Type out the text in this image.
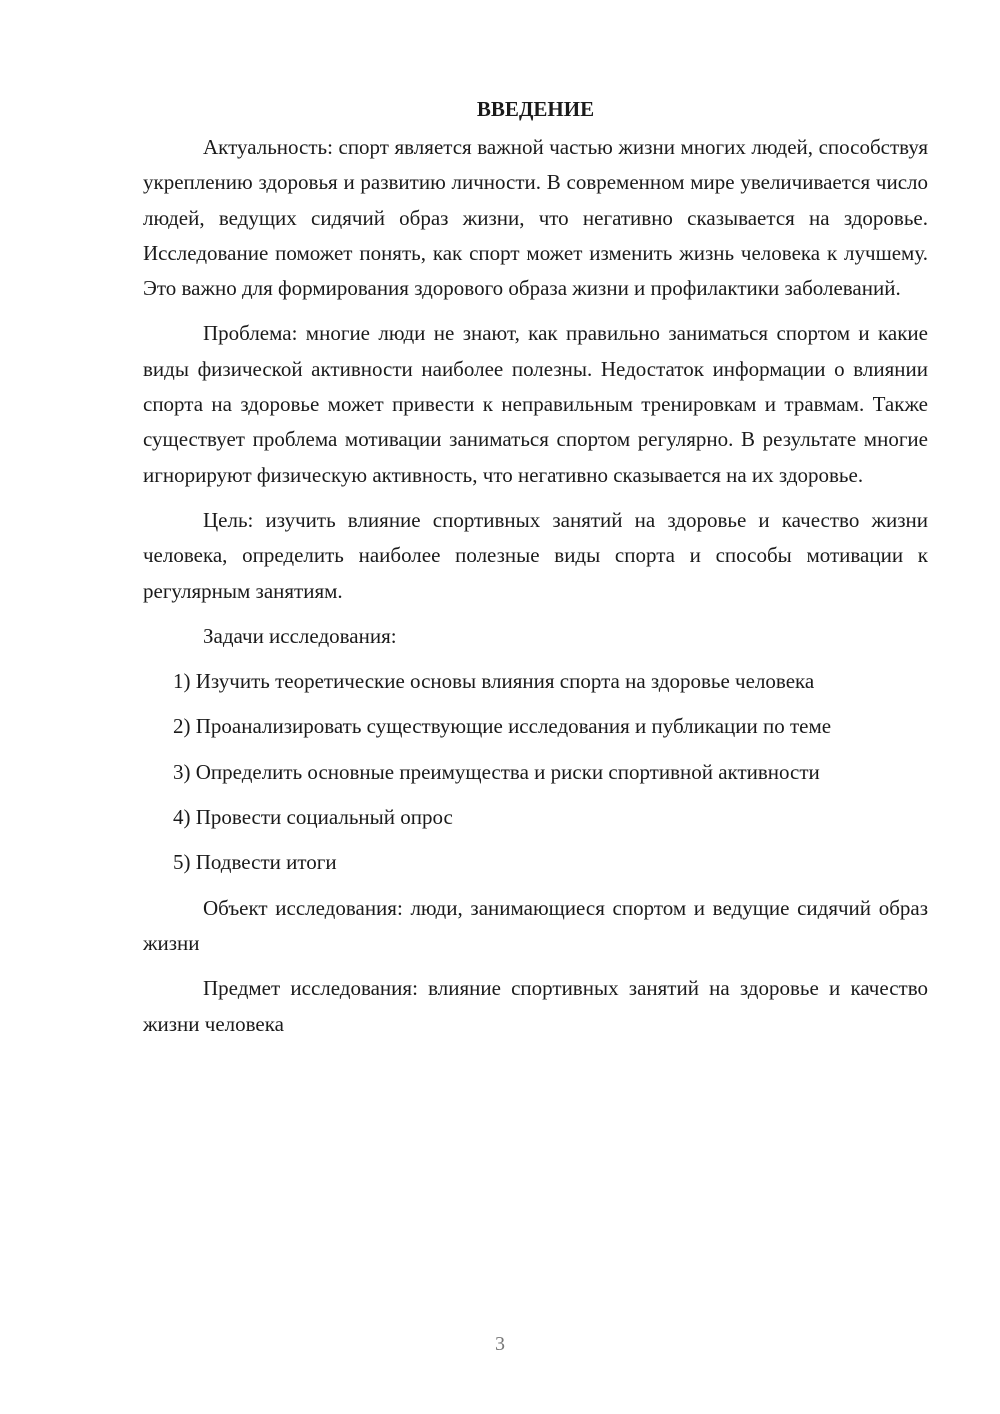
ВВЕДЕНИЕ

Актуальность: спорт является важной частью жизни многих людей, способствуя укреплению здоровья и развитию личности. В современном мире увеличивается число людей, ведущих сидячий образ жизни, что негативно сказывается на здоровье. Исследование поможет понять, как спорт может изменить жизнь человека к лучшему. Это важно для формирования здорового образа жизни и профилактики заболеваний.

Проблема: многие люди не знают, как правильно заниматься спортом и какие виды физической активности наиболее полезны. Недостаток информации о влиянии спорта на здоровье может привести к неправильным тренировкам и травмам. Также существует проблема мотивации заниматься спортом регулярно. В результате многие игнорируют физическую активность, что негативно сказывается на их здоровье.

Цель: изучить влияние спортивных занятий на здоровье и качество жизни человека, определить наиболее полезные виды спорта и способы мотивации к регулярным занятиям.

Задачи исследования:

1) Изучить теоретические основы влияния спорта на здоровье человека

2) Проанализировать существующие исследования и публикации по теме

3) Определить основные преимущества и риски спортивной активности

4) Провести социальный опрос

5) Подвести итоги

Объект исследования: люди, занимающиеся спортом и ведущие сидячий образ жизни

Предмет исследования: влияние спортивных занятий на здоровье и качество жизни человека

3
